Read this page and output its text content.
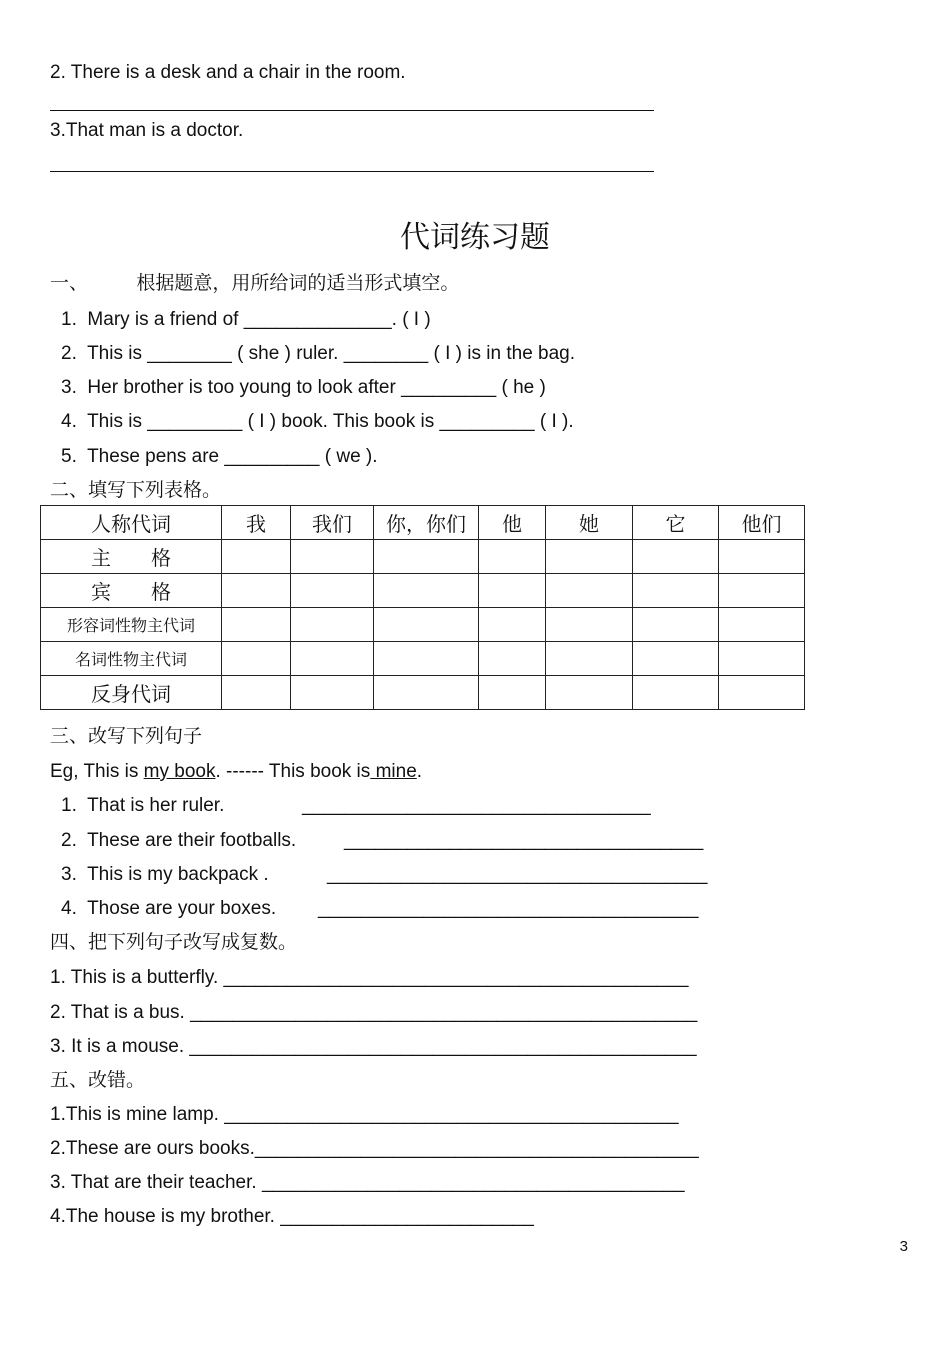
2. There is a desk and a chair in the room.
3.That man is a doctor.
代词练习题
一、        根据题意，用所给词的适当形式填空。
1. Mary is a friend of ______________. ( I )
2. This is ________ ( she ) ruler. ________ ( I ) is in the bag.
3. Her brother is too young to look after _________ ( he )
4. This is _________ ( I ) book. This book is _________ ( I ).
5. These pens are _________ ( we ).
二、填写下列表格。
人称代词	我	我们	你，你们	他	她	它	他们
主　　格							
宾　　格							
形容词性物主代词							
名词性物主代词							
反身代词							
三、改写下列句子
Eg, This is my book. ------ This book is mine.
1. That is her ruler.	_________________________________
2. These are their footballs.	__________________________________
3. This is my backpack .	____________________________________
4. Those are your boxes. ____________________________________
四、把下列句子改写成复数。
1. This is a butterfly. ____________________________________________
2. That is a bus. ________________________________________________
3. It is a mouse. ________________________________________________
五、改错。
1.This is mine lamp. ___________________________________________
2.These are ours books.__________________________________________
3. That are their teacher. ________________________________________
4.The house is my brother. ________________________
3
